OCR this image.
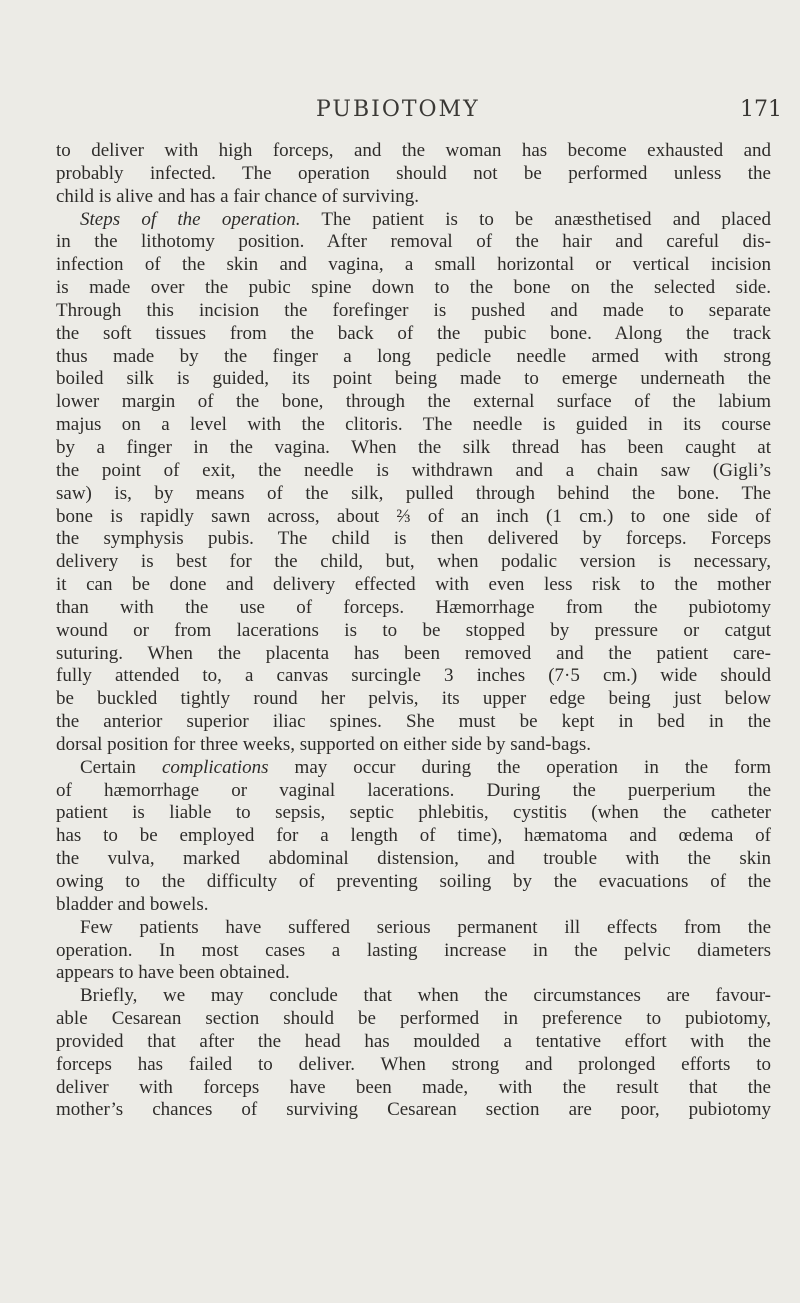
PUBIOTOMY	171
to deliver with high forceps, and the woman has become exhausted and
probably infected. The operation should not be performed unless the
child is alive and has a fair chance of surviving.
Steps of the operation. The patient is to be anæsthetised and placed
in the lithotomy position. After removal of the hair and careful dis-
infection of the skin and vagina, a small horizontal or vertical incision
is made over the pubic spine down to the bone on the selected side.
Through this incision the forefinger is pushed and made to separate
the soft tissues from the back of the pubic bone. Along the track
thus made by the finger a long pedicle needle armed with strong
boiled silk is guided, its point being made to emerge underneath the
lower margin of the bone, through the external surface of the labium
majus on a level with the clitoris. The needle is guided in its course
by a finger in the vagina. When the silk thread has been caught at
the point of exit, the needle is withdrawn and a chain saw (Gigli’s
saw) is, by means of the silk, pulled through behind the bone. The
bone is rapidly sawn across, about ⅔ of an inch (1 cm.) to one side of
the symphysis pubis. The child is then delivered by forceps. Forceps
delivery is best for the child, but, when podalic version is necessary,
it can be done and delivery effected with even less risk to the mother
than with the use of forceps. Hæmorrhage from the pubiotomy
wound or from lacerations is to be stopped by pressure or catgut
suturing. When the placenta has been removed and the patient care-
fully attended to, a canvas surcingle 3 inches (7·5 cm.) wide should
be buckled tightly round her pelvis, its upper edge being just below
the anterior superior iliac spines. She must be kept in bed in the
dorsal position for three weeks, supported on either side by sand-bags.
Certain complications may occur during the operation in the form
of hæmorrhage or vaginal lacerations. During the puerperium the
patient is liable to sepsis, septic phlebitis, cystitis (when the catheter
has to be employed for a length of time), hæmatoma and œdema of
the vulva, marked abdominal distension, and trouble with the skin
owing to the difficulty of preventing soiling by the evacuations of the
bladder and bowels.
Few patients have suffered serious permanent ill effects from the
operation. In most cases a lasting increase in the pelvic diameters
appears to have been obtained.
Briefly, we may conclude that when the circumstances are favour-
able Cesarean section should be performed in preference to pubiotomy,
provided that after the head has moulded a tentative effort with the
forceps has failed to deliver. When strong and prolonged efforts to
deliver with forceps have been made, with the result that the
mother’s chances of surviving Cesarean section are poor, pubiotomy
